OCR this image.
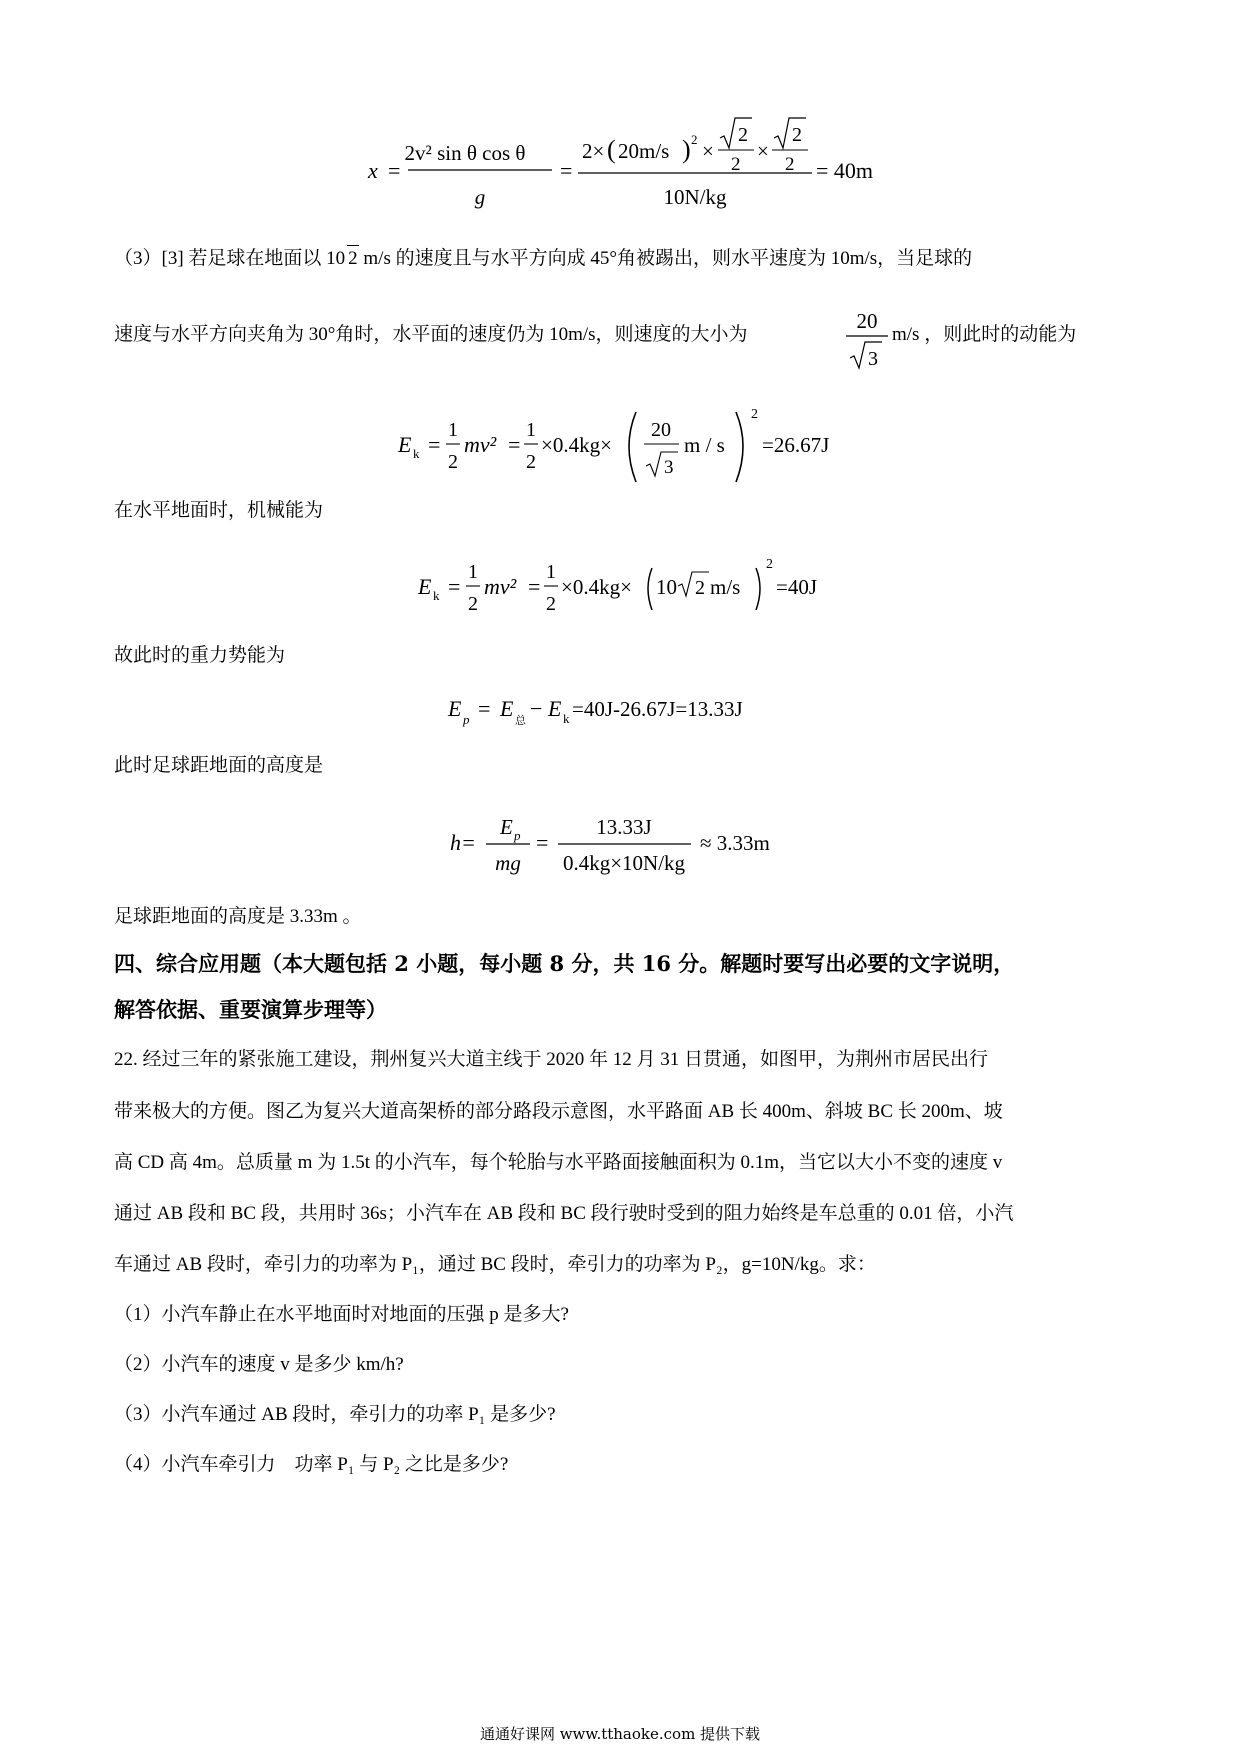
x =
2v² sin θ cos θ
g
=
2× ( 20m/s ) 2 ×
2
2
×
2
2
10N/kg
= 40m
（3）[3] 若足球在地面以 10 2 m/s 的速度且与水平方向成 45°角被踢出，则水平速度为 10m/s，当足球的
速度与水平方向夹角为 30°角时，水平面的速度仍为 10m/s，则速度的大小为
20
3
m/s ，则此时的动能为
E k =
1
2
mv² =
1
2
×0.4kg×
20
3
m / s
2
=26.67J
在水平地面时，机械能为
E k =
1
2
mv² =
1
2
×0.4kg× 10 2 m/s
2
=40J
故此时的重力势能为
E p = E 总 − E k =40J-26.67J=13.33J
此时足球距地面的高度是
h=
E p
mg
=
13.33J
0.4kg×10N/kg
≈ 3.33m
足球距地面的高度是 3.33m 。
四、综合应用题（本大题包括 2 小题，每小题 8 分，共 16 分。解题时要写出必要的文字说明，
解答依据、重要演算步理等）
22. 经过三年的紧张施工建设，荆州复兴大道主线于 2020 年 12 月 31 日贯通，如图甲，为荆州市居民出行
带来极大的方便。图乙为复兴大道高架桥的部分路段示意图，水平路面 AB 长 400m、斜坡 BC 长 200m、坡
高 CD 高 4m。总质量 m 为 1.5t 的小汽车，每个轮胎与水平路面接触面积为 0.1m，当它以大小不变的速度 v
通过 AB 段和 BC 段，共用时 36s；小汽车在 AB 段和 BC 段行驶时受到的阻力始终是车总重的 0.01 倍，小汽
车通过 AB 段时，牵引力的功率为 P₁，通过 BC 段时，牵引力的功率为 P₂，g=10N/kg。求：
（1）小汽车静止在水平地面时对地面的压强 p 是多大?
（2）小汽车的速度 v 是多少 km/h?
（3）小汽车通过 AB 段时，牵引力的功率 P₁ 是多少?
（4）小汽车牵引力　功率 P₁ 与 P₂ 之比是多少?
通通好课网 www.tthaoke.com 提供下载
